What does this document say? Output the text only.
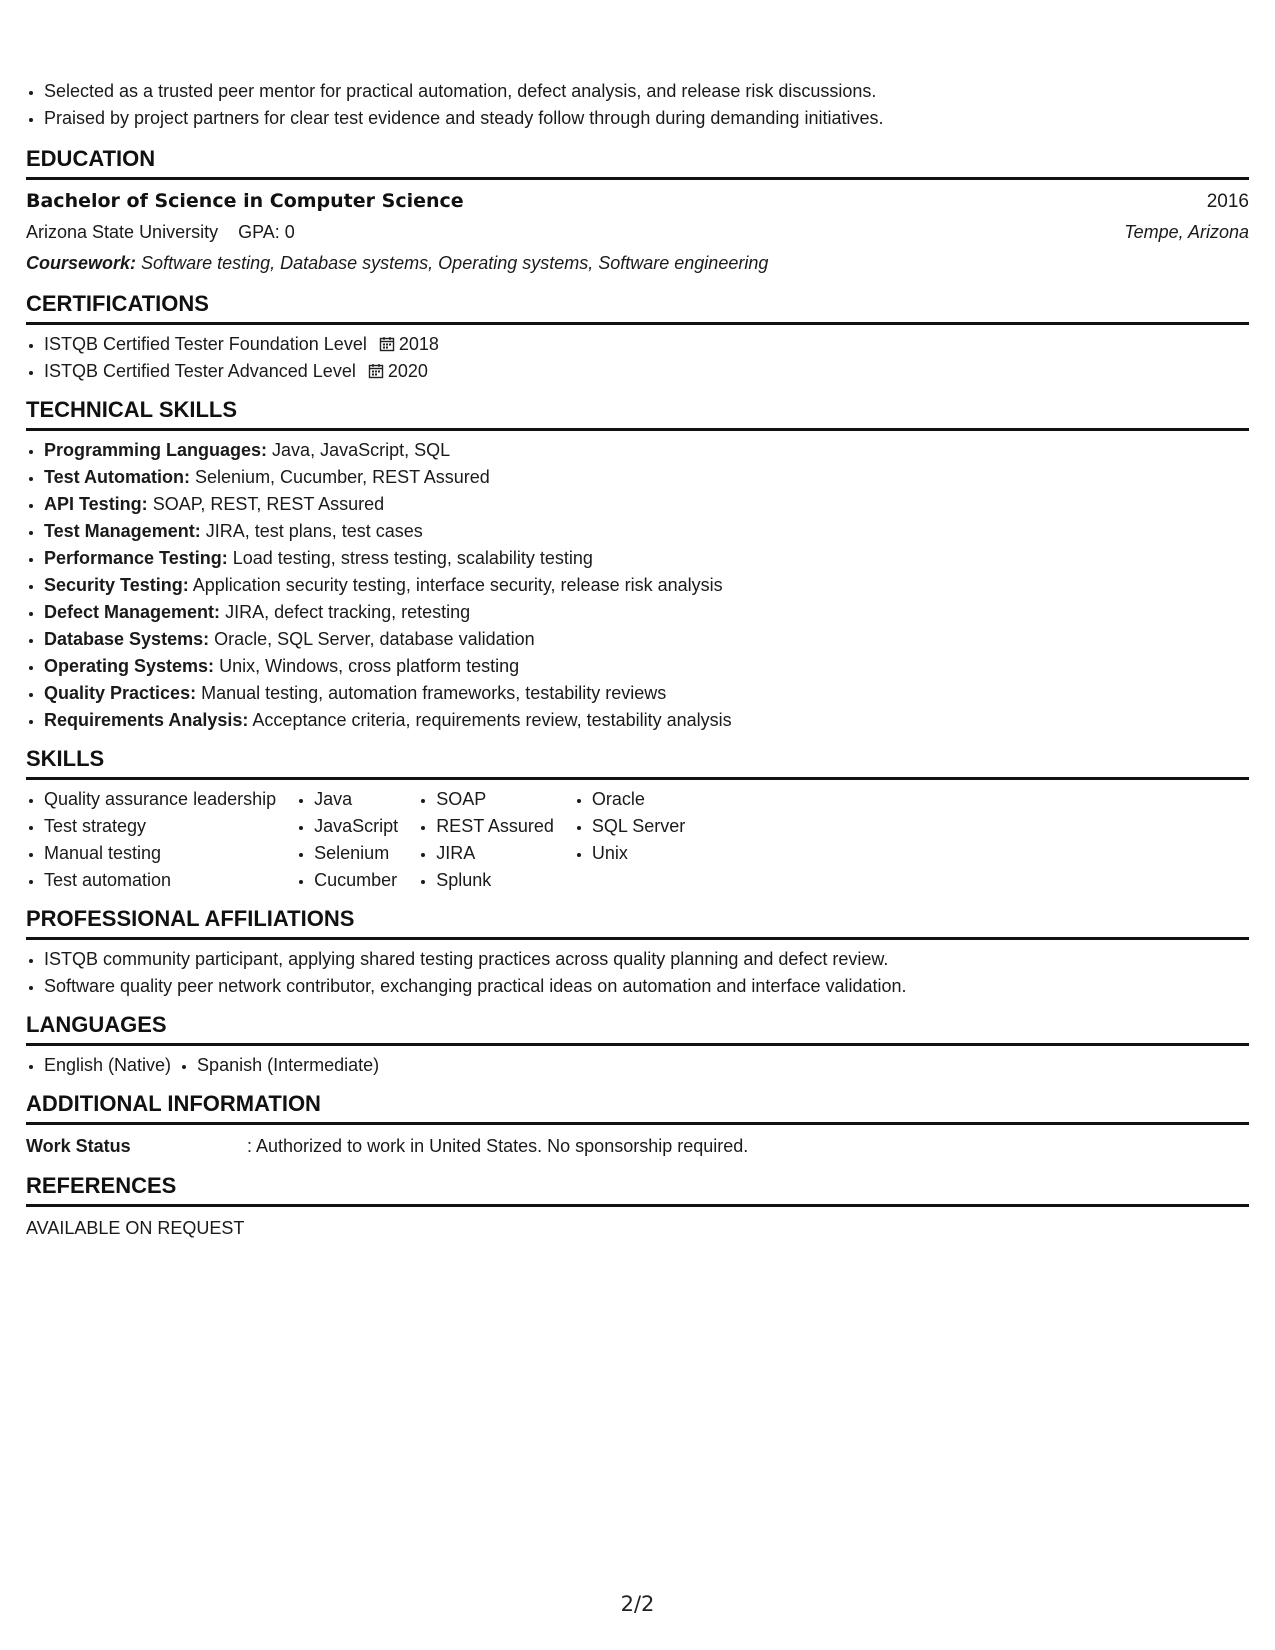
• Selected as a trusted peer mentor for practical automation, defect analysis, and release risk discussions.
• Praised by project partners for clear test evidence and steady follow through during demanding initiatives.
EDUCATION
Bachelor of Science in Computer Science	2016
Arizona State University GPA: 0	Tempe, Arizona
Coursework: Software testing, Database systems, Operating systems, Software engineering
CERTIFICATIONS
• ISTQB Certified Tester Foundation Level 2018
• ISTQB Certified Tester Advanced Level 2020
TECHNICAL SKILLS
• Programming Languages: Java, JavaScript, SQL
• Test Automation: Selenium, Cucumber, REST Assured
• API Testing: SOAP, REST, REST Assured
• Test Management: JIRA, test plans, test cases
• Performance Testing: Load testing, stress testing, scalability testing
• Security Testing: Application security testing, interface security, release risk analysis
• Defect Management: JIRA, defect tracking, retesting
• Database Systems: Oracle, SQL Server, database validation
• Operating Systems: Unix, Windows, cross platform testing
• Quality Practices: Manual testing, automation frameworks, testability reviews
• Requirements Analysis: Acceptance criteria, requirements review, testability analysis
SKILLS
• Quality assurance leadership
• Test strategy
• Manual testing
• Test automation
• Java
• JavaScript
• Selenium
• Cucumber
• SOAP
• REST Assured
• JIRA
• Splunk
• Oracle
• SQL Server
• Unix
PROFESSIONAL AFFILIATIONS
• ISTQB community participant, applying shared testing practices across quality planning and defect review.
• Software quality peer network contributor, exchanging practical ideas on automation and interface validation.
LANGUAGES
• English (Native)
• Spanish (Intermediate)
ADDITIONAL INFORMATION
Work Status	: Authorized to work in United States. No sponsorship required.
REFERENCES
AVAILABLE ON REQUEST
2/2
